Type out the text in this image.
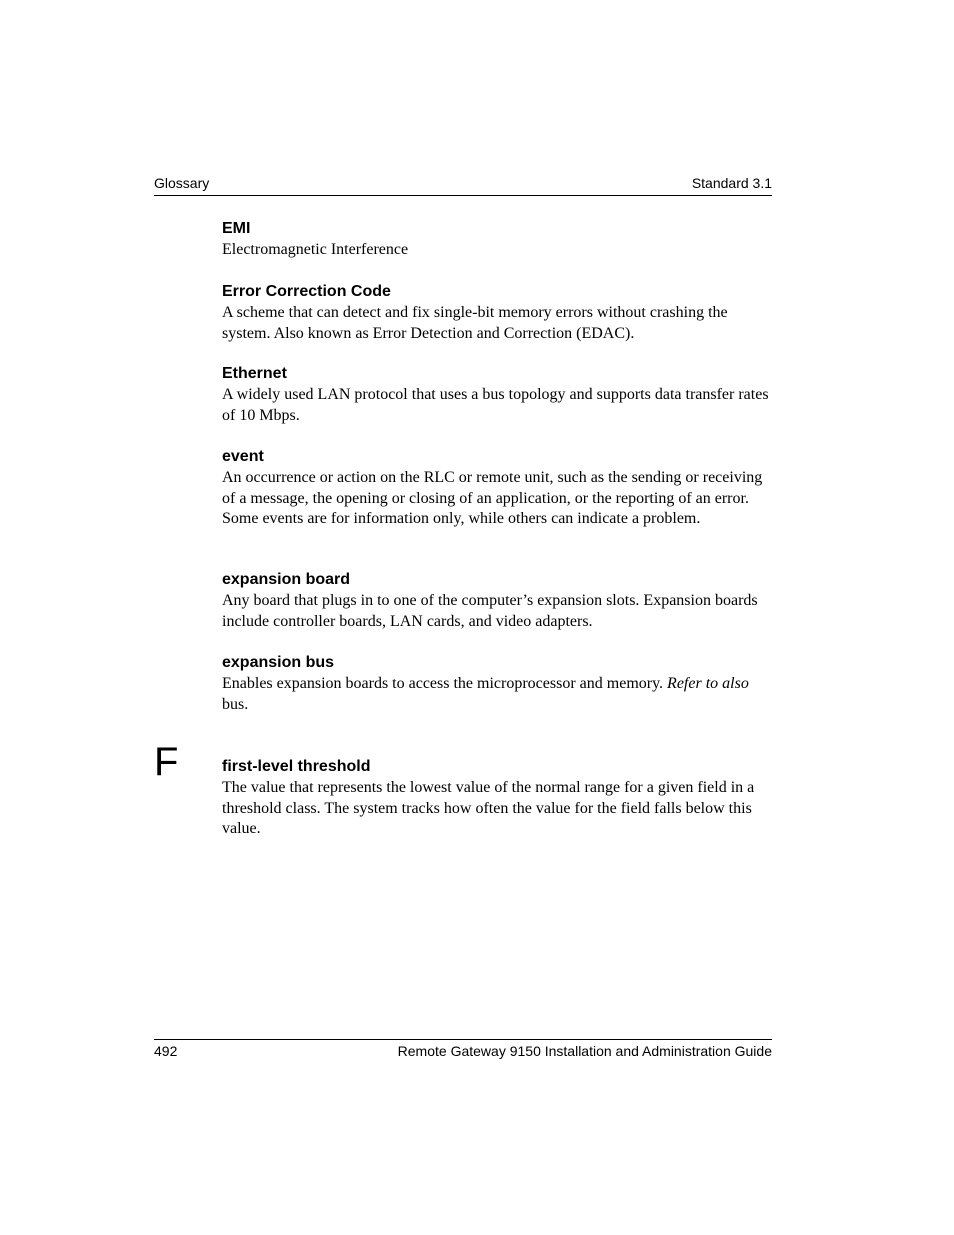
Glossary	Standard 3.1

EMI

Electromagnetic Interference

Error Correction Code

A scheme that can detect and fix single-bit memory errors without crashing the system. Also known as Error Detection and Correction (EDAC).

Ethernet

A widely used LAN protocol that uses a bus topology and supports data transfer rates of 10 Mbps.

event

An occurrence or action on the RLC or remote unit, such as the sending or receiving of a message, the opening or closing of an application, or the reporting of an error. Some events are for information only, while others can indicate a problem.

expansion board

Any board that plugs in to one of the computer’s expansion slots. Expansion boards include controller boards, LAN cards, and video adapters.

expansion bus

Enables expansion boards to access the microprocessor and memory. Refer to also bus.

F	first-level threshold

The value that represents the lowest value of the normal range for a given field in a threshold class. The system tracks how often the value for the field falls below this value.

492	Remote Gateway 9150 Installation and Administration Guide
